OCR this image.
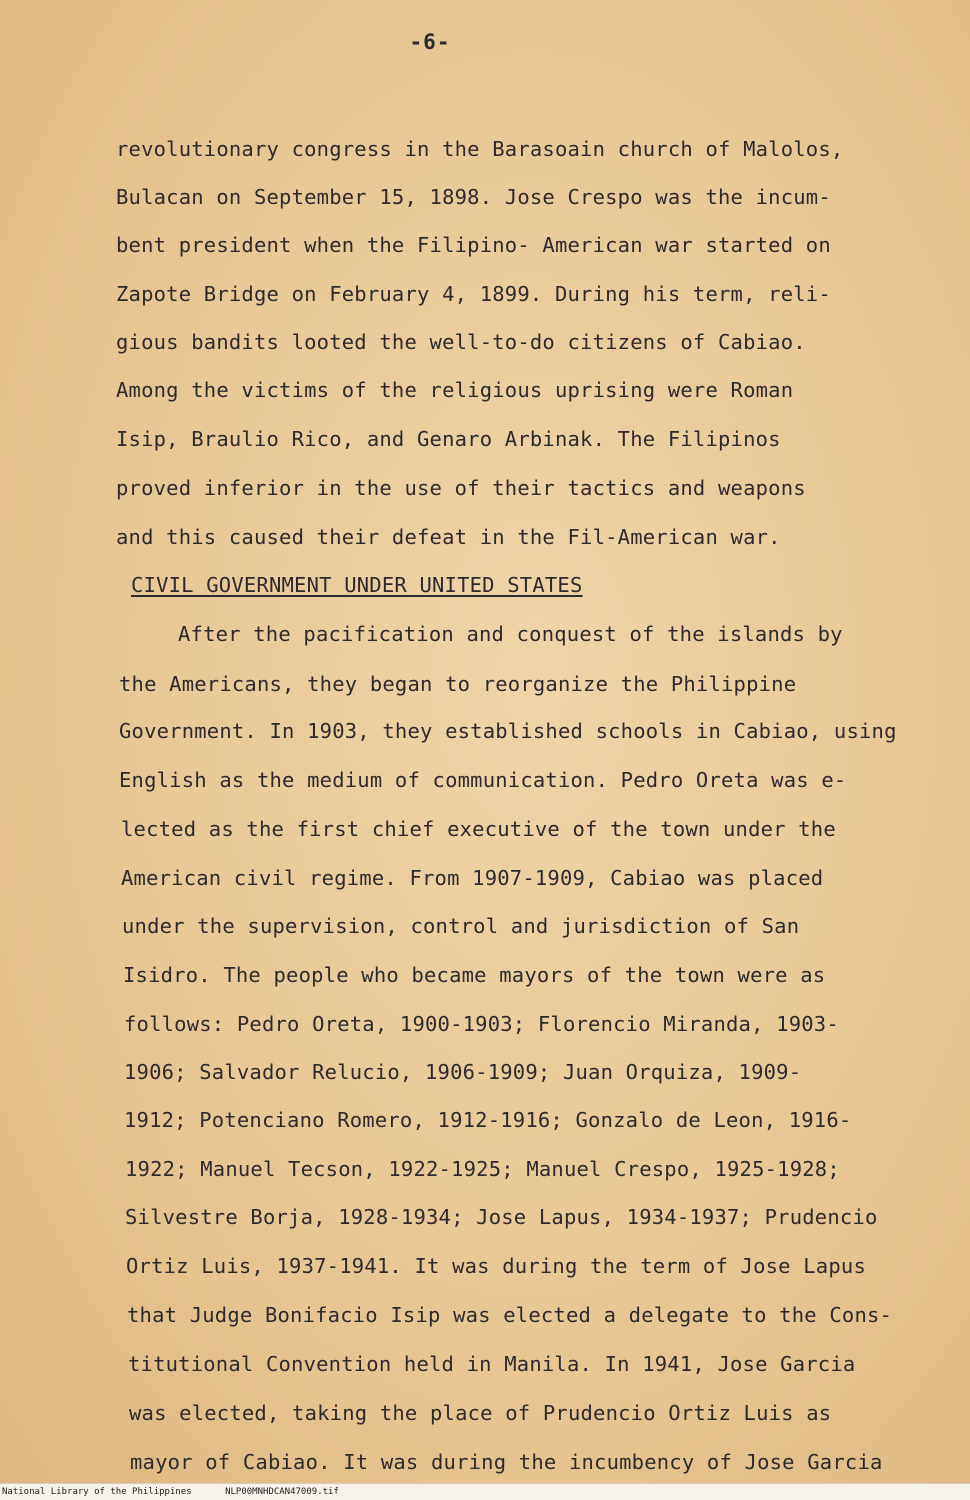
-6-
revolutionary congress in the Barasoain church of Malolos,
Bulacan on September 15, 1898. Jose Crespo was the incum-
bent president when the Filipino- American war started on
Zapote Bridge on February 4, 1899. During his term, reli-
gious bandits looted the well-to-do citizens of Cabiao.
Among the victims of the religious uprising were Roman
Isip, Braulio Rico, and Genaro Arbinak. The Filipinos
proved inferior in the use of their tactics and weapons
and this caused their defeat in the Fil-American war.
CIVIL GOVERNMENT UNDER UNITED STATES
After the pacification and conquest of the islands by
the Americans, they began to reorganize the Philippine
Government. In 1903, they established schools in Cabiao, using
English as the medium of communication. Pedro Oreta was e-
lected as the first chief executive of the town under the
American civil regime. From 1907-1909, Cabiao was placed
under the supervision, control and jurisdiction of San
Isidro. The people who became mayors of the town were as
follows: Pedro Oreta, 1900-1903; Florencio Miranda, 1903-
1906; Salvador Relucio, 1906-1909; Juan Orquiza, 1909-
1912; Potenciano Romero, 1912-1916; Gonzalo de Leon, 1916-
1922; Manuel Tecson, 1922-1925; Manuel Crespo, 1925-1928;
Silvestre Borja, 1928-1934; Jose Lapus, 1934-1937; Prudencio
Ortiz Luis, 1937-1941. It was during the term of Jose Lapus
that Judge Bonifacio Isip was elected a delegate to the Cons-
titutional Convention held in Manila. In 1941, Jose Garcia
was elected, taking the place of Prudencio Ortiz Luis as
mayor of Cabiao. It was during the incumbency of Jose Garcia
National Library of the Philippines	NLP00MNHDCAN47009.tif
